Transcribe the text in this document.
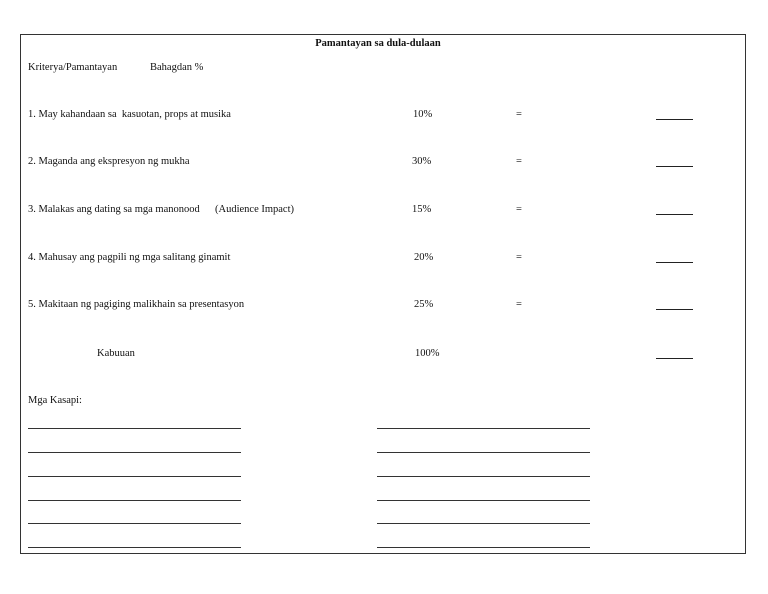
Pamantayan sa dula-dulaan
Kriterya/Pamantayan	Bahagdan %
1. May kahandaan sa  kasuotan, props at musika	10%	=
2. Maganda ang ekspresyon ng mukha	30%	=
3. Malakas ang dating sa mga manonood (Audience Impact)	15%	=
4. Mahusay ang pagpili ng mga salitang ginamit	20%	=
5. Makitaan ng pagiging malikhain sa presentasyon	25%	=
Kabuuan	100%
Mga Kasapi:
